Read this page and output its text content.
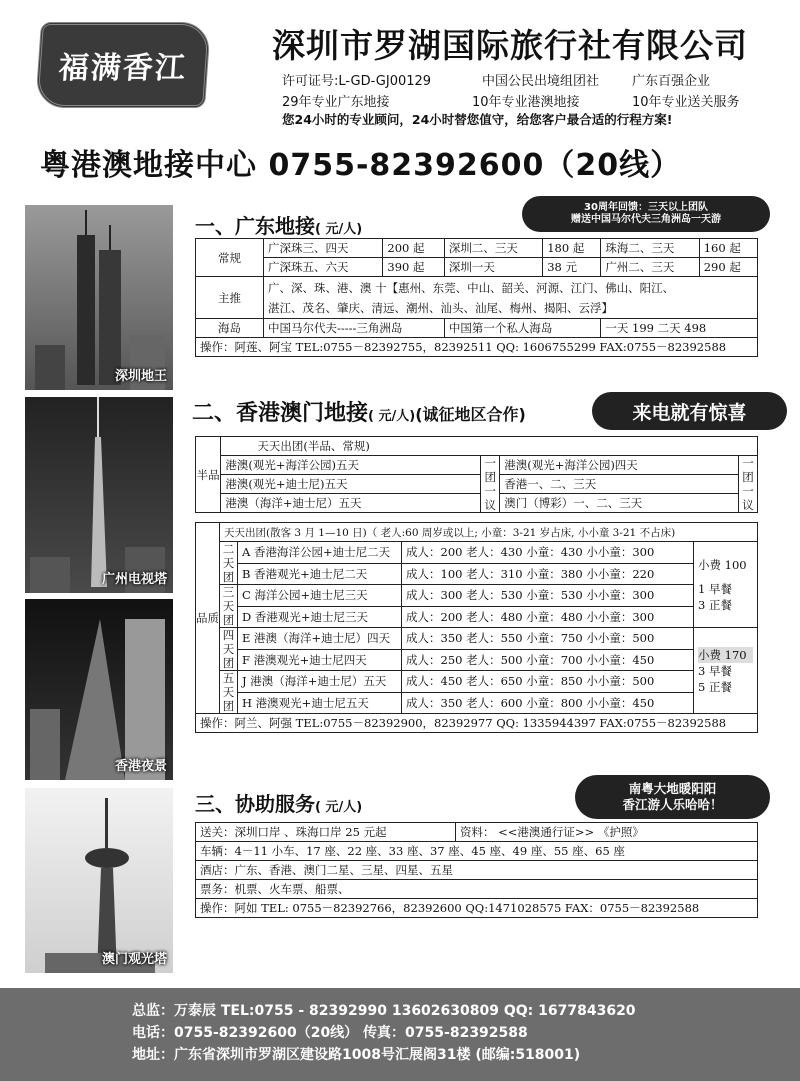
福满香江
深圳市罗湖国际旅行社有限公司
许可证号:L-GD-GJ00129	中国公民出境组团社	广东百强企业
29年专业广东地接	10年专业港澳地接	10年专业送关服务
您24小时的专业顾问，24小时替您值守，给您客户最合适的行程方案!
粤港澳地接中心 0755-82392600（20线）
深圳地王
广州电视塔
香港夜景
澳门观光塔
一、广东地接( 元/人)
30周年回馈：三天以上团队
赠送中国马尔代夫三角洲岛一天游
常规	广深珠三、四天	200 起	深圳二、三天	180 起	珠海二、三天	160 起
	广深珠五、六天	390 起	深圳一天	38 元	广州二、三天	290 起
主推	广、深、珠、港、澳 十【惠州、东莞、中山、韶关、河源、江门、佛山、阳江、
湛江、茂名、肇庆、清远、潮州、汕头、汕尾、梅州、揭阳、云浮】					

海岛	中国马尔代夫-----三角洲岛		中国第一个私人海岛		一天 199 二天 498	
操作：阿莲、阿宝 TEL:0755－82392755，82392511 QQ: 1606755299 FAX:0755－82392588						
二、香港澳门地接( 元/人)(诚征地区合作)	来电就有惊喜
半品	天天出团(半品、常规)			
	港澳(观光+海洋公园)五天	一团一议	港澳(观光+海洋公园)四天	一团一议
	港澳(观光+迪士尼)五天		香港一、二、三天	
	港澳（海洋+迪士尼）五天		澳门（博彩）一、二、三天	
品质	天天出团(散客 3 月 1—10 日)（ 老人:60 周岁或以上; 小童：3-21 岁占床, 小小童 3-21 不占床)			
	二天团	A 香港海洋公园+迪士尼二天	成人：200 老人：430 小童：430 小小童：300	小费 100
1 早餐
3 正餐

		B 香港观光+迪士尼二天	成人：100 老人：310 小童：380 小小童：220	
	三天团	C 海洋公园+迪士尼三天	成人：300 老人：530 小童：530 小小童：300	
		D 香港观光+迪士尼三天	成人：200 老人：480 小童：480 小小童：300	
	四天团	E 港澳（海洋+迪士尼）四天	成人：350 老人：550 小童：750 小小童：500	小费 170
3 早餐
5 正餐

		F 港澳观光+迪士尼四天	成人：250 老人：500 小童：700 小小童：450	
	五天团	J 港澳（海洋+迪士尼）五天	成人：450 老人：650 小童：850 小小童：500	
		H 港澳观光+迪士尼五天	成人：350 老人：600 小童：800 小小童：450	
操作：阿兰、阿强 TEL:0755－82392900，82392977 QQ: 1335944397 FAX:0755－82392588				
三、协助服务( 元/人)
南粤大地暖阳阳
香江游人乐哈哈！
送关：深圳口岸 、珠海口岸 25 元起	资料： <<港澳通行证>> 《护照》
车辆：4－11 小车、17 座、22 座、33 座、37 座、45 座、49 座、55 座、65 座
酒店：广东、香港、澳门二星、三星、四星、五星
票务：机票、火车票、船票、
操作：阿如 TEL: 0755－82392766，82392600 QQ:1471028575 FAX：0755－82392588
总监：万泰辰 TEL:0755 - 82392990 13602630809 QQ: 1677843620
电话：0755-82392600（20线） 传真：0755-82392588
地址：广东省深圳市罗湖区建设路1008号汇展阁31楼 (邮编:518001)
